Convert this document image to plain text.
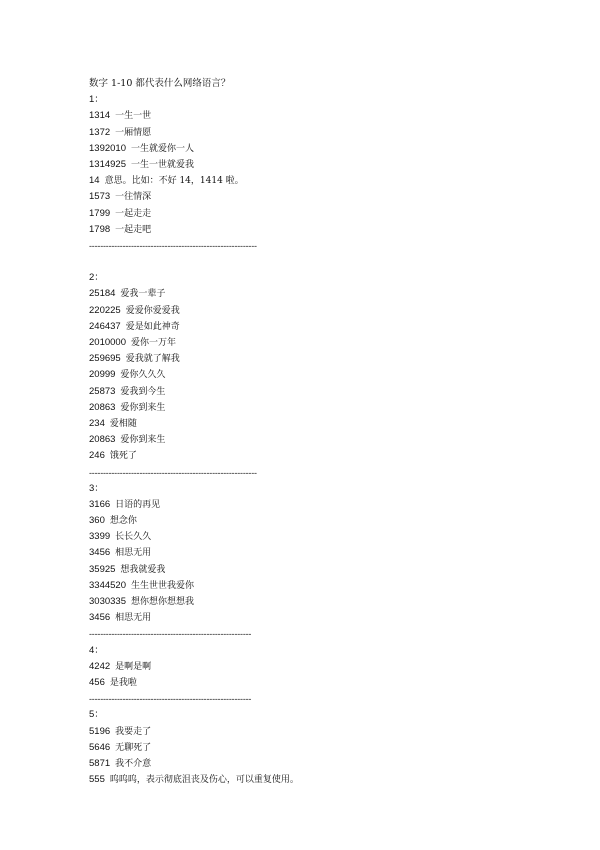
数字 1-10 都代表什么网络语言？
1：
1314 一生一世
1372 一厢情愿
1392010 一生就爱你一人
1314925 一生一世就爱我
14 意思。比如：不好 14，1414 啦。
1573 一往情深
1799 一起走走
1798 一起走吧
------------------------------------------------------------
2：
25184 爱我一辈子
220225 爱爱你爱爱我
246437 爱是如此神奇
2010000 爱你一万年
259695 爱我就了解我
20999 爱你久久久
25873 爱我到今生
20863 爱你到来生
234 爱相随
20863 爱你到来生
246 饿死了
------------------------------------------------------------
3：
3166 日语的再见
360 想念你
3399 长长久久
3456 相思无用
35925 想我就爱我
3344520 生生世世我爱你
3030335 想你想你想想我
3456 相思无用
----------------------------------------------------------
4：
4242 是啊是啊
456 是我啦
----------------------------------------------------------
5：
5196 我要走了
5646 无聊死了
5871 我不介意
555 呜呜呜，表示彻底沮丧及伤心，可以重复使用。
